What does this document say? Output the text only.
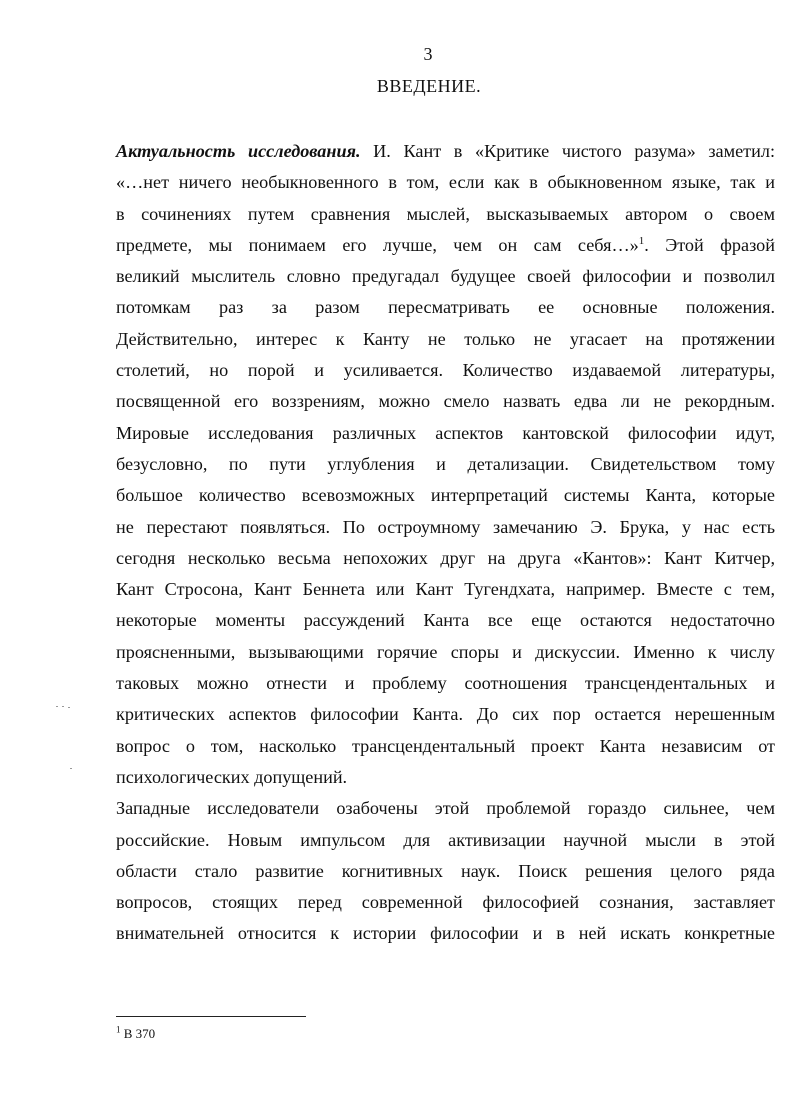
3
ВВЕДЕНИЕ.
Актуальность исследования. И. Кант в «Критике чистого разума» заметил:
«…нет ничего необыкновенного в том, если как в обыкновенном языке, так и
в сочинениях путем сравнения мыслей, высказываемых автором о своем
предмете, мы понимаем его лучше, чем он сам себя…»$^1$. Этой фразой
великий мыслитель словно предугадал будущее своей философии и позволил
потомкам раз за разом пересматривать ее основные положения.
Действительно, интерес к Канту не только не угасает на протяжении
столетий, но порой и усиливается. Количество издаваемой литературы,
посвященной его воззрениям, можно смело назвать едва ли не рекордным.
Мировые исследования различных аспектов кантовской философии идут,
безусловно, по пути углубления и детализации. Свидетельством тому
большое количество всевозможных интерпретаций системы Канта, которые
не перестают появляться. По остроумному замечанию Э. Брука, у нас есть
сегодня несколько весьма непохожих друг на друга «Кантов»: Кант Китчер,
Кант Стросона, Кант Беннета или Кант Тугендхата, например. Вместе с тем,
некоторые моменты рассуждений Канта все еще остаются недостаточно
проясненными, вызывающими горячие споры и дискуссии. Именно к числу
таковых можно отнести и проблему соотношения трансцендентальных и
критических аспектов философии Канта. До сих пор остается нерешенным
вопрос о том, насколько трансцендентальный проект Канта независим от
психологических допущений.
Западные исследователи озабочены этой проблемой гораздо сильнее, чем
российские. Новым импульсом для активизации научной мысли в этой
области стало развитие когнитивных наук. Поиск решения целого ряда
вопросов, стоящих перед современной философией сознания, заставляет
внимательней относится к истории философии и в ней искать конкретные
$^1$ В 370
